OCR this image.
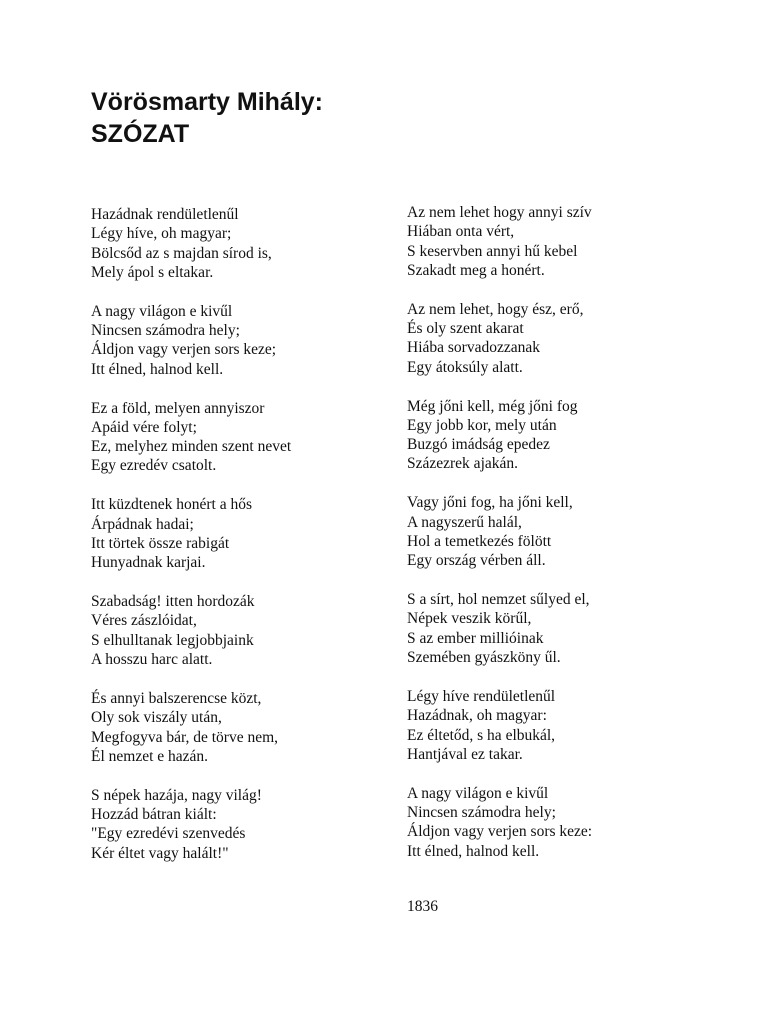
Vörösmarty Mihály:
SZÓZAT

Hazádnak rendületlenűl
Légy híve, oh magyar;
Bölcsőd az s majdan sírod is,
Mely ápol s eltakar.

A nagy világon e kivűl
Nincsen számodra hely;
Áldjon vagy verjen sors keze;
Itt élned, halnod kell.

Ez a föld, melyen annyiszor
Apáid vére folyt;
Ez, melyhez minden szent nevet
Egy ezredév csatolt.

Itt küzdtenek honért a hős
Árpádnak hadai;
Itt törtek össze rabigát
Hunyadnak karjai.

Szabadság! itten hordozák
Véres zászlóidat,
S elhulltanak legjobbjaink
A hosszu harc alatt.

És annyi balszerencse közt,
Oly sok viszály után,
Megfogyva bár, de törve nem,
Él nemzet e hazán.

S népek hazája, nagy világ!
Hozzád bátran kiált:
"Egy ezredévi szenvedés
Kér éltet vagy halált!"

Az nem lehet hogy annyi szív
Hiában onta vért,
S keservben annyi hű kebel
Szakadt meg a honért.

Az nem lehet, hogy ész, erő,
És oly szent akarat
Hiába sorvadozzanak
Egy átoksúly alatt.

Még jőni kell, még jőni fog
Egy jobb kor, mely után
Buzgó imádság epedez
Százezrek ajakán.

Vagy jőni fog, ha jőni kell,
A nagyszerű halál,
Hol a temetkezés fölött
Egy ország vérben áll.

S a sírt, hol nemzet sűlyed el,
Népek veszik körűl,
S az ember millióinak
Szemében gyászköny űl.

Légy híve rendületlenűl
Hazádnak, oh magyar:
Ez éltetőd, s ha elbukál,
Hantjával ez takar.

A nagy világon e kivűl
Nincsen számodra hely;
Áldjon vagy verjen sors keze:
Itt élned, halnod kell.

1836
